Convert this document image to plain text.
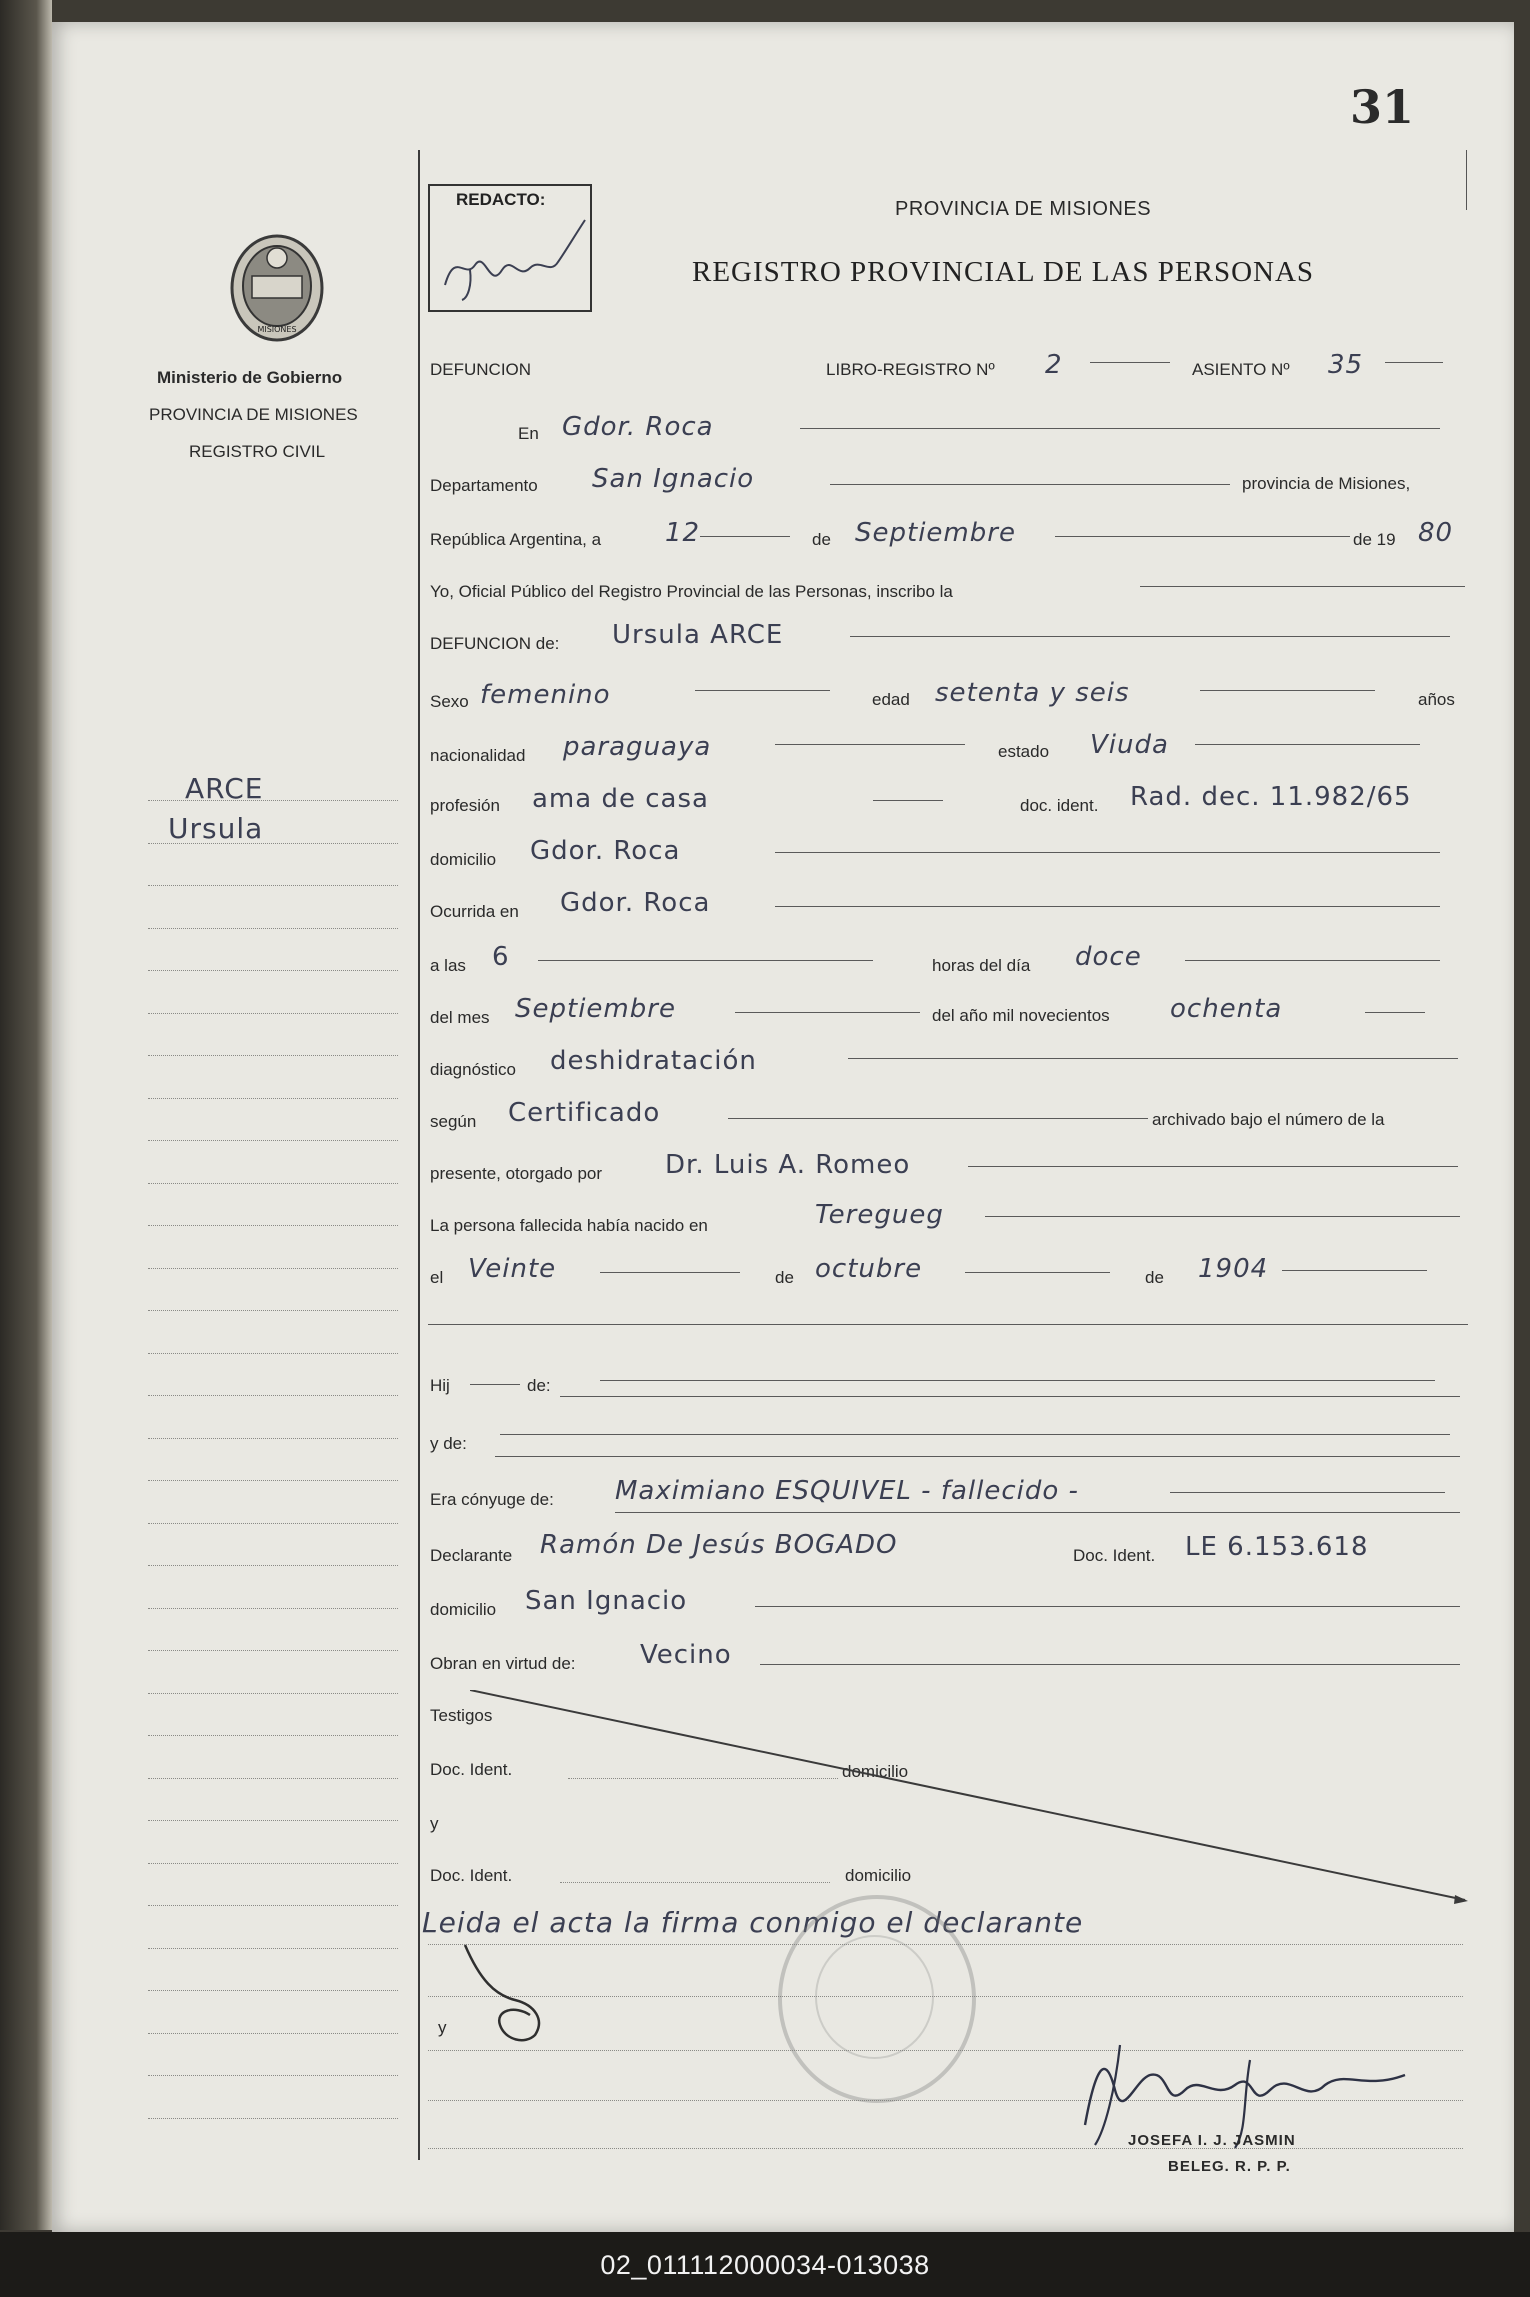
02_011112000034-013038
31
REDACTO:	PROVINCIA DE MISIONES
REGISTRO PROVINCIAL DE LAS PERSONAS
MISIONES
Ministerio de Gobierno
PROVINCIA DE MISIONES
REGISTRO CIVIL
ARCE
Ursula
DEFUNCION	LIBRO-REGISTRO Nº 2	ASIENTO Nº 35
En Gdor. Roca
Departamento San Ignacio	provincia de Misiones,
República Argentina, a 12	de Septiembre	de 19 80
Yo, Oficial Público del Registro Provincial de las Personas, inscribo la
DEFUNCION de: Ursula ARCE
Sexo femenino	edad setenta y seis	años
nacionalidad paraguaya	estado Viuda
profesión ama de casa	doc. ident. Rad. dec. 11.982/65
domicilio Gdor. Roca
Ocurrida en Gdor. Roca
a las 6	horas del día doce
del mes Septiembre	del año mil novecientos ochenta
diagnóstico deshidratación
según Certificado	archivado bajo el número de la
presente, otorgado por Dr. Luis A. Romeo
La persona fallecida había nacido en	Teregueg
el Veinte	de octubre	de 1904
Hij	de:
y de:
Era cónyuge de: Maximiano ESQUIVEL - fallecido -
Declarante Ramón De Jesús BOGADO	Doc. Ident. LE 6.153.618
domicilio San Ignacio
Obran en virtud de: Vecino
Testigos
Doc. Ident.	domicilio
y
Doc. Ident.	domicilio
Leida el acta la firma conmigo el declarante
y
JOSEFA I. J. JASMIN
BELEG. R. P. P.
